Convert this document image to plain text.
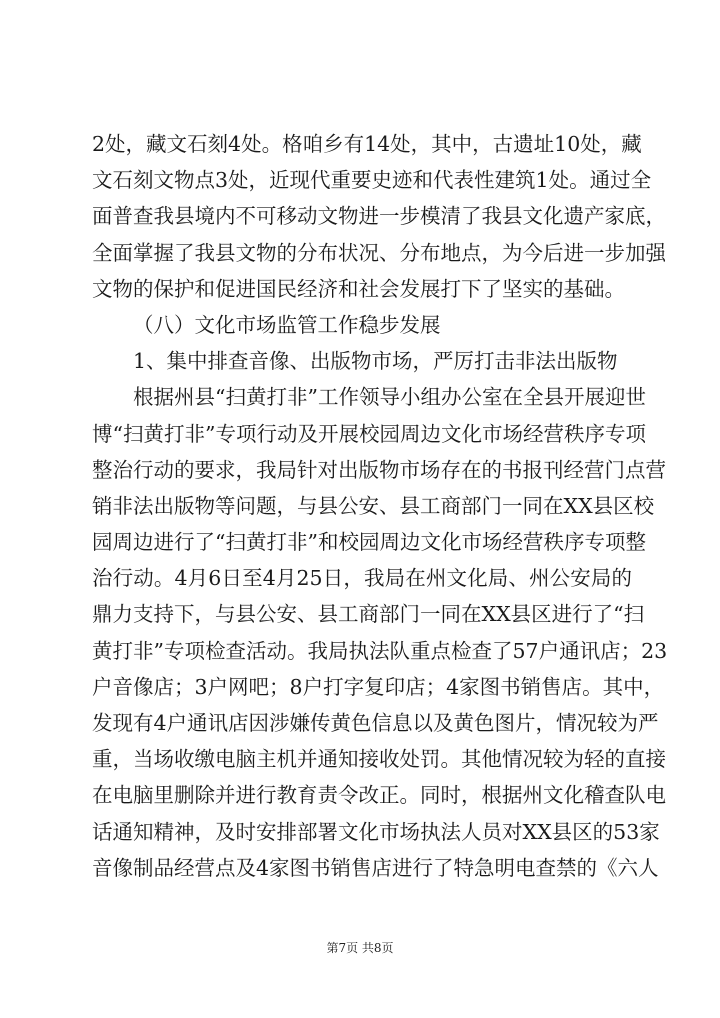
2处，藏文石刻4处。格咱乡有14处，其中，古遗址10处，藏
文石刻文物点3处，近现代重要史迹和代表性建筑1处。通过全
面普查我县境内不可移动文物进一步模清了我县文化遗产家底，
全面掌握了我县文物的分布状况、分布地点，为今后进一步加强
文物的保护和促进国民经济和社会发展打下了坚实的基础。
（八）文化市场监管工作稳步发展
1、集中排查音像、出版物市场，严厉打击非法出版物
根据州县“扫黄打非”工作领导小组办公室在全县开展迎世
博“扫黄打非”专项行动及开展校园周边文化市场经营秩序专项
整治行动的要求，我局针对出版物市场存在的书报刊经营门点营
销非法出版物等问题，与县公安、县工商部门一同在XX县区校
园周边进行了“扫黄打非”和校园周边文化市场经营秩序专项整
治行动。4月6日至4月25日，我局在州文化局、州公安局的
鼎力支持下，与县公安、县工商部门一同在XX县区进行了“扫
黄打非”专项检查活动。我局执法队重点检查了57户通讯店；23
户音像店；3户网吧；8户打字复印店；4家图书销售店。其中，
发现有4户通讯店因涉嫌传黄色信息以及黄色图片，情况较为严
重，当场收缴电脑主机并通知接收处罚。其他情况较为轻的直接
在电脑里删除并进行教育责令改正。同时，根据州文化稽查队电
话通知精神，及时安排部署文化市场执法人员对XX县区的53家
音像制品经营点及4家图书销售店进行了特急明电查禁的《六人
第7页 共8页
